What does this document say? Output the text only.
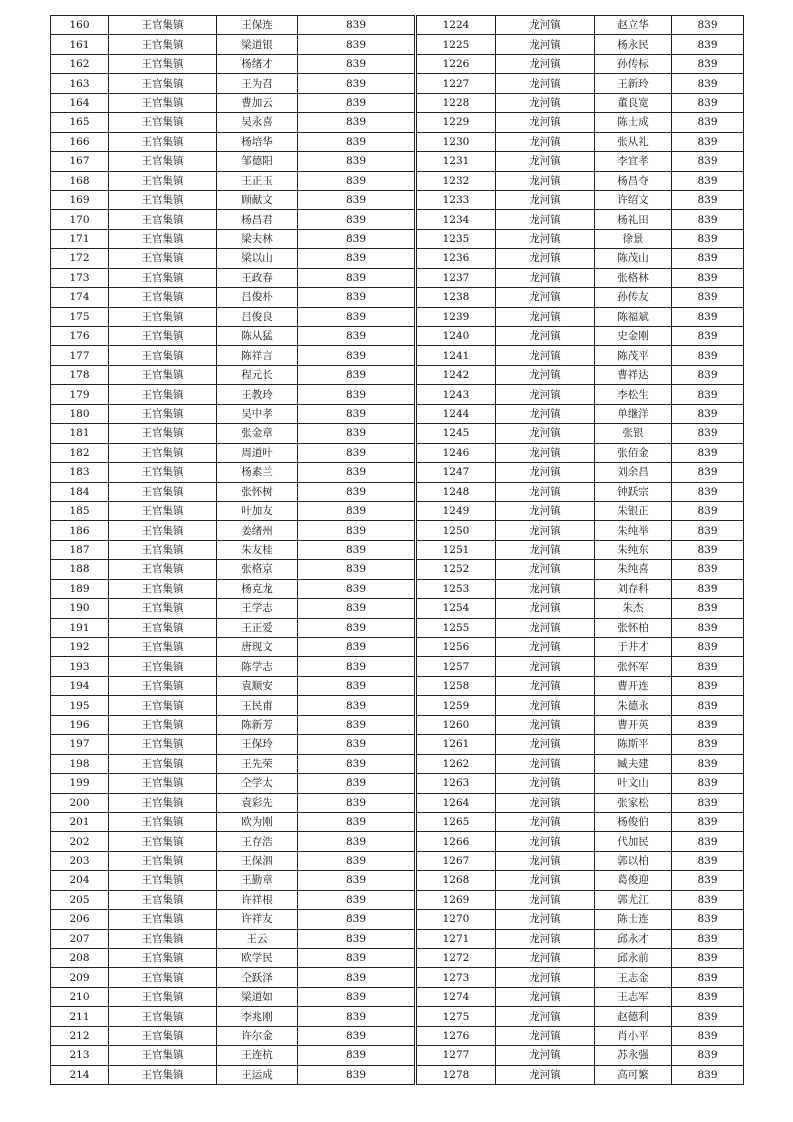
160	王官集镇	王保连	839
161	王官集镇	梁道银	839
162	王官集镇	杨绪才	839
163	王官集镇	王为召	839
164	王官集镇	曹加云	839
165	王官集镇	吴永喜	839
166	王官集镇	杨培华	839
167	王官集镇	邹德阳	839
168	王官集镇	王正玉	839
169	王官集镇	顾献文	839
170	王官集镇	杨昌君	839
171	王官集镇	梁夫林	839
172	王官集镇	梁以山	839
173	王官集镇	王政春	839
174	王官集镇	吕俊朴	839
175	王官集镇	吕俊良	839
176	王官集镇	陈从猛	839
177	王官集镇	陈祥言	839
178	王官集镇	程元长	839
179	王官集镇	王教玲	839
180	王官集镇	吴中孝	839
181	王官集镇	张金章	839
182	王官集镇	周道叶	839
183	王官集镇	杨素兰	839
184	王官集镇	张怀树	839
185	王官集镇	叶加友	839
186	王官集镇	姜绪州	839
187	王官集镇	朱友桂	839
188	王官集镇	张格京	839
189	王官集镇	杨克龙	839
190	王官集镇	王学志	839
191	王官集镇	王正爱	839
192	王官集镇	唐现文	839
193	王官集镇	陈学志	839
194	王官集镇	袁顺安	839
195	王官集镇	王民甫	839
196	王官集镇	陈新芳	839
197	王官集镇	王保玲	839
198	王官集镇	王先荣	839
199	王官集镇	仝学太	839
200	王官集镇	袁彩先	839
201	王官集镇	欧为刚	839
202	王官集镇	王存浩	839
203	王官集镇	王保泗	839
204	王官集镇	王勤章	839
205	王官集镇	许祥根	839
206	王官集镇	许祥友	839
207	王官集镇	王云	839
208	王官集镇	欧学民	839
209	王官集镇	仝跃泽	839
210	王官集镇	梁道如	839
211	王官集镇	李兆刚	839
212	王官集镇	许尔金	839
213	王官集镇	王连杭	839
214	王官集镇	王运成	839
1224	龙河镇	赵立华	839
1225	龙河镇	杨永民	839
1226	龙河镇	孙传标	839
1227	龙河镇	王新玲	839
1228	龙河镇	董良宽	839
1229	龙河镇	陈士成	839
1230	龙河镇	张从礼	839
1231	龙河镇	李宜孝	839
1232	龙河镇	杨昌夺	839
1233	龙河镇	许绍文	839
1234	龙河镇	杨礼田	839
1235	龙河镇	徐景	839
1236	龙河镇	陈茂山	839
1237	龙河镇	张格林	839
1238	龙河镇	孙传友	839
1239	龙河镇	陈福斌	839
1240	龙河镇	史金刚	839
1241	龙河镇	陈茂平	839
1242	龙河镇	曹祥达	839
1243	龙河镇	李松生	839
1244	龙河镇	单继洋	839
1245	龙河镇	张银	839
1246	龙河镇	张佰金	839
1247	龙河镇	刘余昌	839
1248	龙河镇	钟跃宗	839
1249	龙河镇	朱银正	839
1250	龙河镇	朱纯举	839
1251	龙河镇	朱纯东	839
1252	龙河镇	朱纯喜	839
1253	龙河镇	刘存科	839
1254	龙河镇	朱杰	839
1255	龙河镇	张怀柏	839
1256	龙河镇	于井才	839
1257	龙河镇	张怀军	839
1258	龙河镇	曹开连	839
1259	龙河镇	朱德永	839
1260	龙河镇	曹开英	839
1261	龙河镇	陈斯平	839
1262	龙河镇	臧夫建	839
1263	龙河镇	叶文山	839
1264	龙河镇	张家松	839
1265	龙河镇	杨俊伯	839
1266	龙河镇	代加民	839
1267	龙河镇	郭以柏	839
1268	龙河镇	葛俊迎	839
1269	龙河镇	郭尤江	839
1270	龙河镇	陈士连	839
1271	龙河镇	邱永才	839
1272	龙河镇	邱永前	839
1273	龙河镇	王志金	839
1274	龙河镇	王志军	839
1275	龙河镇	赵德利	839
1276	龙河镇	肖小平	839
1277	龙河镇	苏永强	839
1278	龙河镇	高可繁	839
